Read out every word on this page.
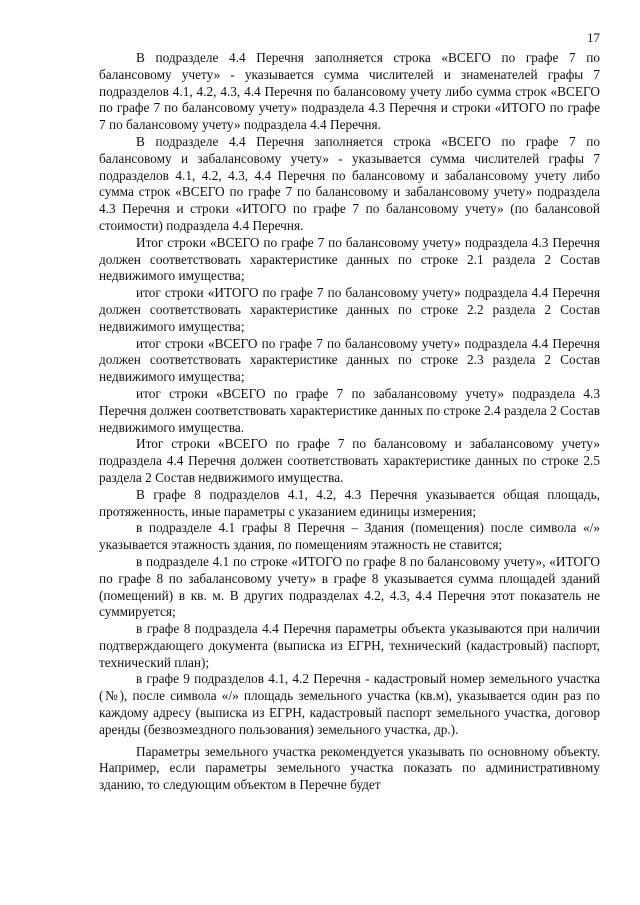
17

В подразделе 4.4 Перечня заполняется строка «ВСЕГО по графе 7 по балансовому учету» - указывается сумма числителей и знаменателей графы 7 подразделов 4.1, 4.2, 4.3, 4.4 Перечня по балансовому учету либо сумма строк «ВСЕГО по графе 7 по балансовому учету» подраздела 4.3 Перечня и строки «ИТОГО по графе 7 по балансовому учету» подраздела 4.4 Перечня.

В подразделе 4.4 Перечня заполняется строка «ВСЕГО по графе 7 по балансовому и забалансовому учету» - указывается сумма числителей графы 7 подразделов 4.1, 4.2, 4.3, 4.4 Перечня по балансовому и забалансовому учету либо сумма строк «ВСЕГО по графе 7 по балансовому и забалансовому учету» подраздела 4.3 Перечня и строки «ИТОГО по графе 7 по балансовому учету» (по балансовой стоимости) подраздела 4.4 Перечня.

Итог строки «ВСЕГО по графе 7 по балансовому учету» подраздела 4.3 Перечня должен соответствовать характеристике данных по строке 2.1 раздела 2 Состав недвижимого имущества;

итог строки «ИТОГО по графе 7 по балансовому учету» подраздела 4.4 Перечня должен соответствовать характеристике данных по строке 2.2 раздела 2 Состав недвижимого имущества;

итог строки «ВСЕГО по графе 7 по балансовому учету» подраздела 4.4 Перечня должен соответствовать характеристике данных по строке 2.3 раздела 2 Состав недвижимого имущества;

итог строки «ВСЕГО по графе 7 по забалансовому учету» подраздела 4.3 Перечня должен соответствовать характеристике данных по строке 2.4 раздела 2 Состав недвижимого имущества.

Итог строки «ВСЕГО по графе 7 по балансовому и забалансовому учету» подраздела 4.4 Перечня должен соответствовать характеристике данных по строке 2.5 раздела 2 Состав недвижимого имущества.

В графе 8 подразделов 4.1, 4.2, 4.3 Перечня указывается общая площадь, протяженность, иные параметры с указанием единицы измерения;

в подразделе 4.1 графы 8 Перечня – Здания (помещения) после символа «/» указывается этажность здания, по помещениям этажность не ставится;

в подразделе 4.1 по строке «ИТОГО по графе 8 по балансовому учету», «ИТОГО по графе 8 по забалансовому учету» в графе 8 указывается сумма площадей зданий (помещений) в кв. м. В других подразделах 4.2, 4.3, 4.4 Перечня этот показатель не суммируется;

в графе 8 подраздела 4.4 Перечня параметры объекта указываются при наличии подтверждающего документа (выписка из ЕГРН, технический (кадастровый) паспорт, технический план);

в графе 9 подразделов 4.1, 4.2 Перечня - кадастровый номер земельного участка (№), после символа «/» площадь земельного участка (кв.м), указывается один раз по каждому адресу (выписка из ЕГРН, кадастровый паспорт земельного участка, договор аренды (безвозмездного пользования) земельного участка, др.).

Параметры земельного участка рекомендуется указывать по основному объекту. Например, если параметры земельного участка показать по административному зданию, то следующим объектом в Перечне будет
